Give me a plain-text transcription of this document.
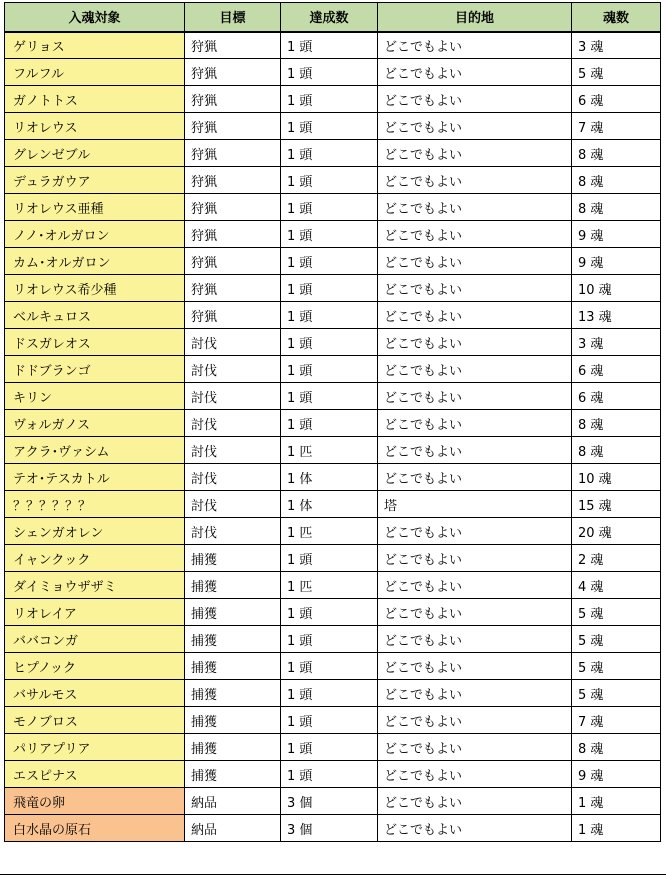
入魂対象	目標	達成数	目的地	魂数
ゲリョス	狩猟	1 頭	どこでもよい	3 魂
フルフル	狩猟	1 頭	どこでもよい	5 魂
ガノトトス	狩猟	1 頭	どこでもよい	6 魂
リオレウス	狩猟	1 頭	どこでもよい	7 魂
グレンゼブル	狩猟	1 頭	どこでもよい	8 魂
デュラガウア	狩猟	1 頭	どこでもよい	8 魂
リオレウス亜種	狩猟	1 頭	どこでもよい	8 魂
ノノ･オルガロン	狩猟	1 頭	どこでもよい	9 魂
カム･オルガロン	狩猟	1 頭	どこでもよい	9 魂
リオレウス希少種	狩猟	1 頭	どこでもよい	10 魂
ベルキュロス	狩猟	1 頭	どこでもよい	13 魂
ドスガレオス	討伐	1 頭	どこでもよい	3 魂
ドドブランゴ	討伐	1 頭	どこでもよい	6 魂
キリン	討伐	1 頭	どこでもよい	6 魂
ヴォルガノス	討伐	1 頭	どこでもよい	8 魂
アクラ･ヴァシム	討伐	1 匹	どこでもよい	8 魂
テオ･テスカトル	討伐	1 体	どこでもよい	10 魂
？？？？？？	討伐	1 体	塔	15 魂
シェンガオレン	討伐	1 匹	どこでもよい	20 魂
イャンクック	捕獲	1 頭	どこでもよい	2 魂
ダイミョウザザミ	捕獲	1 匹	どこでもよい	4 魂
リオレイア	捕獲	1 頭	どこでもよい	5 魂
ババコンガ	捕獲	1 頭	どこでもよい	5 魂
ヒプノック	捕獲	1 頭	どこでもよい	5 魂
バサルモス	捕獲	1 頭	どこでもよい	5 魂
モノブロス	捕獲	1 頭	どこでもよい	7 魂
パリアプリア	捕獲	1 頭	どこでもよい	8 魂
エスピナス	捕獲	1 頭	どこでもよい	9 魂
飛竜の卵	納品	3 個	どこでもよい	1 魂
白水晶の原石	納品	3 個	どこでもよい	1 魂
